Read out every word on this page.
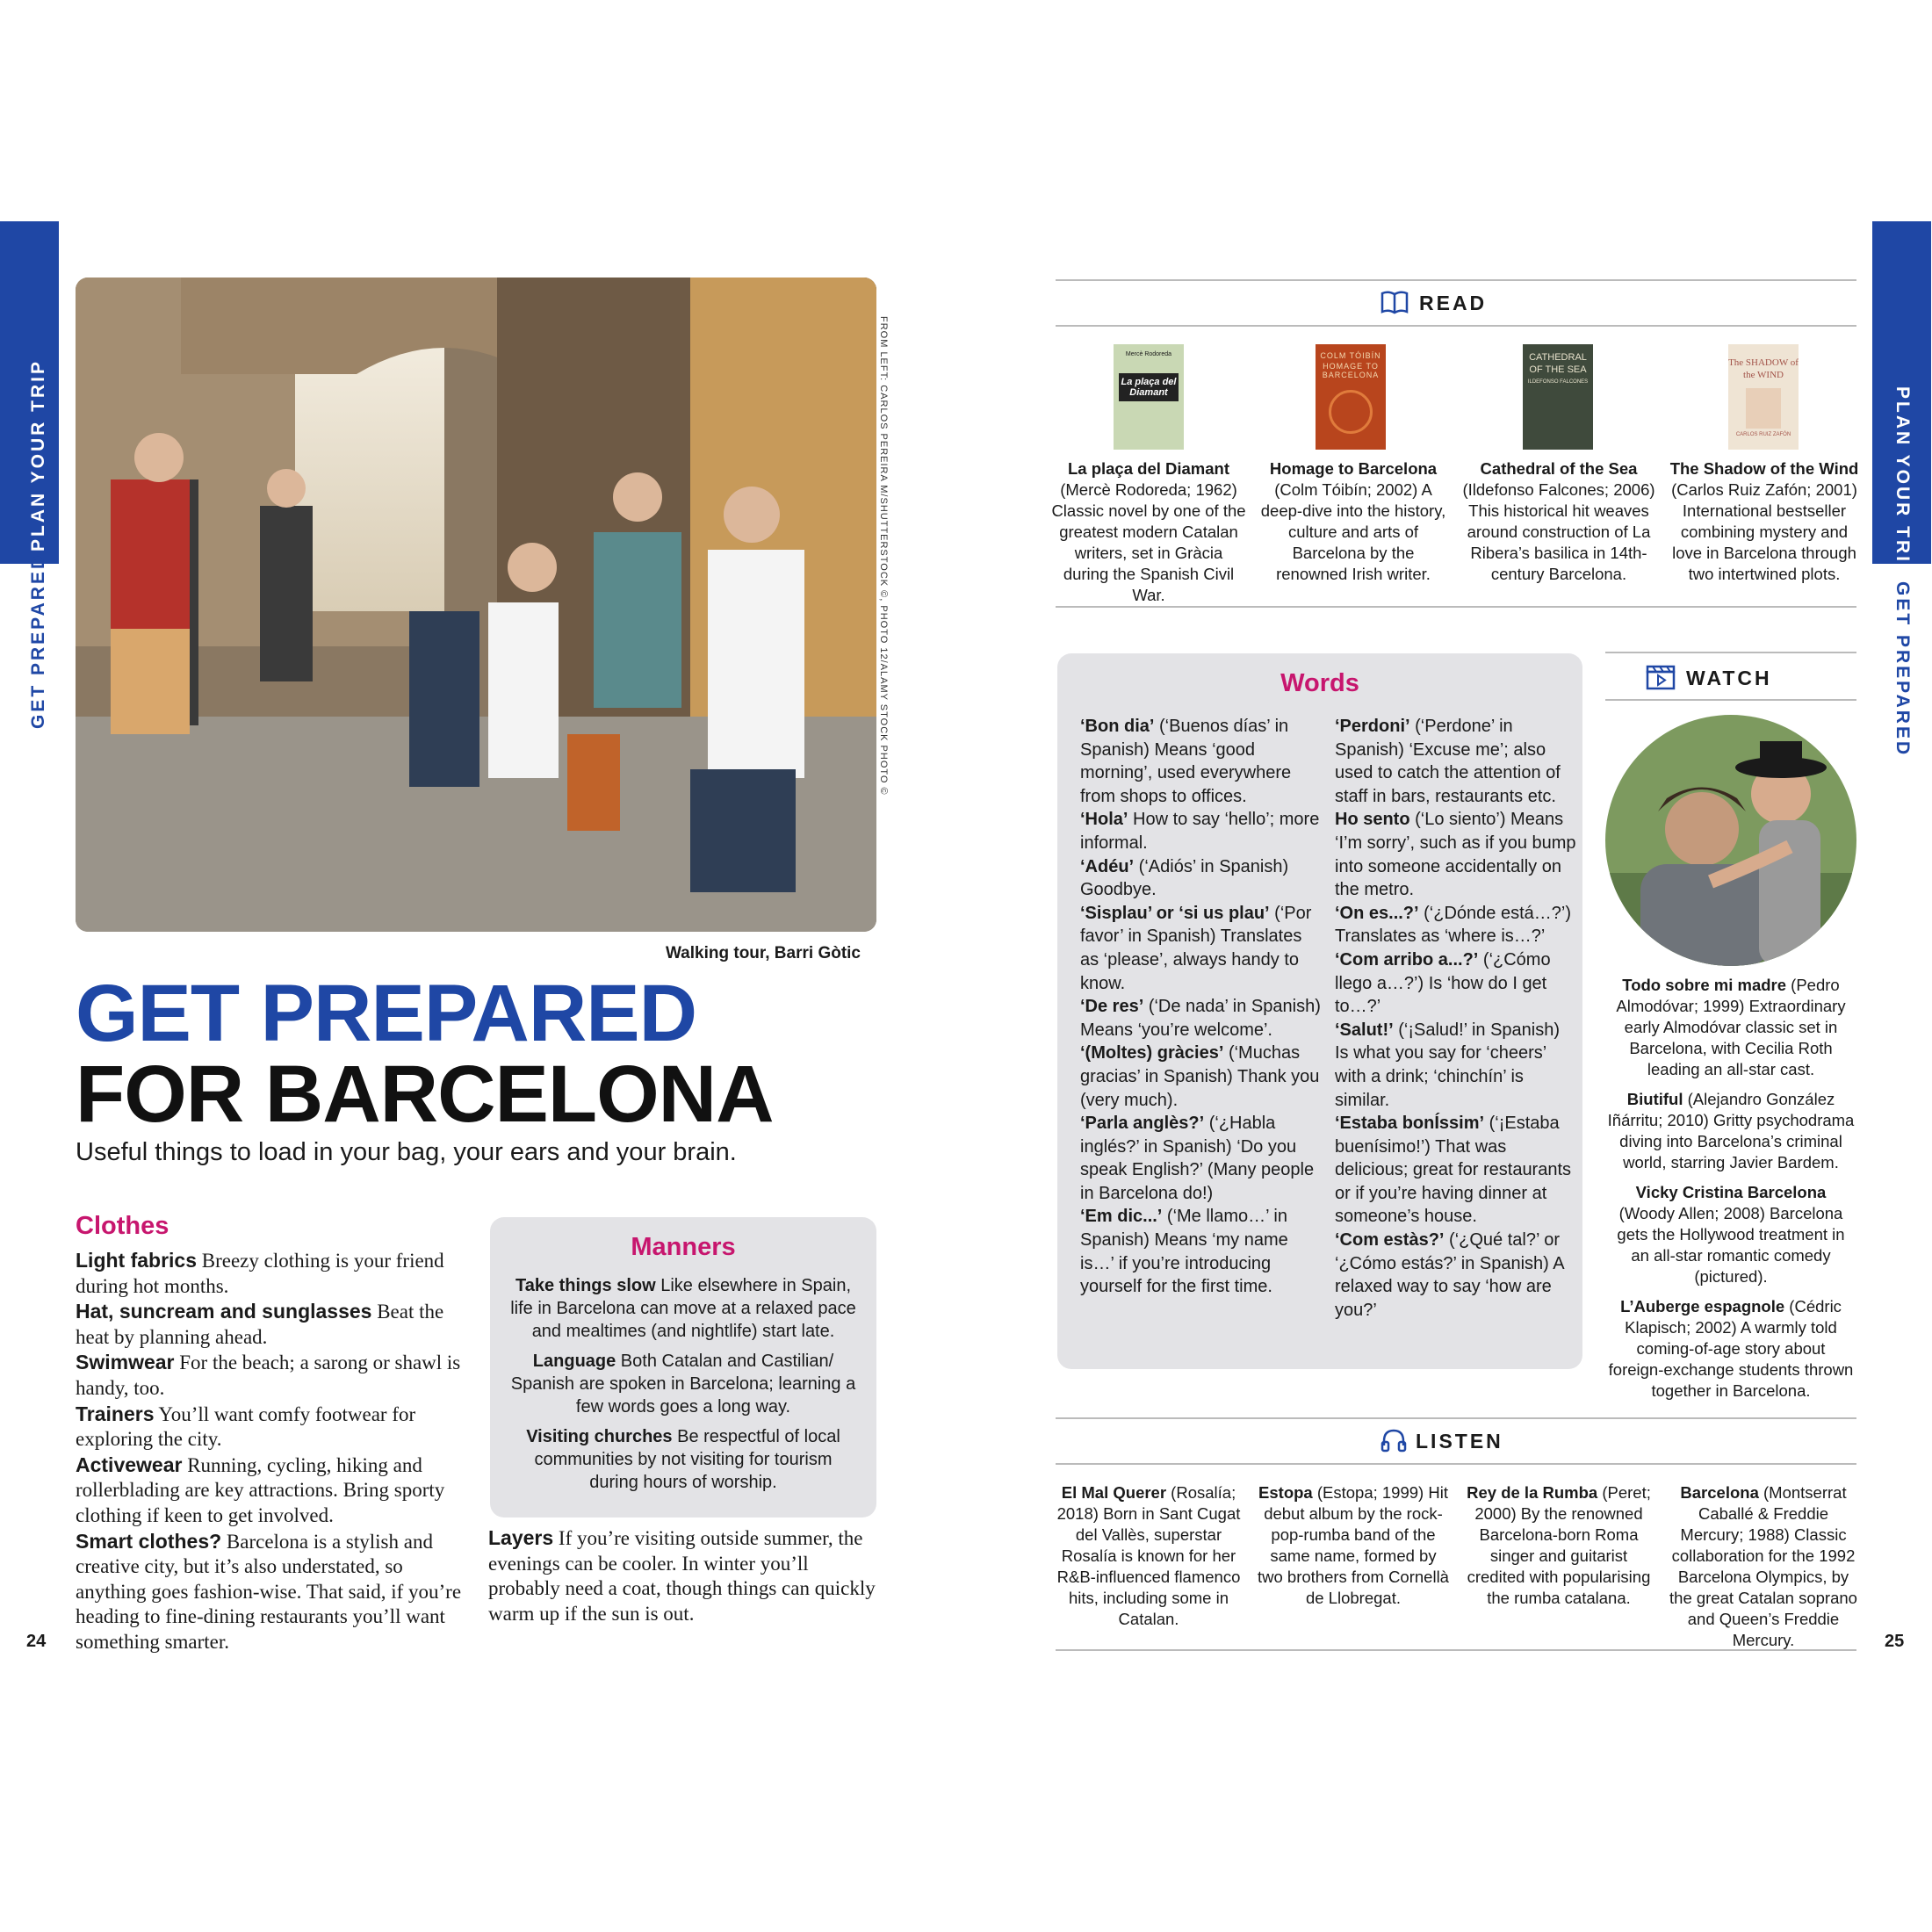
PLAN YOUR TRIP
GET PREPARED
PLAN YOUR TRIP
GET PREPARED
FROM LEFT: CARLOS PEREIRA M/SHUTTERSTOCK ©, PHOTO 12/ALAMY STOCK PHOTO ©
Walking tour, Barri Gòtic
GET PREPARED
FOR BARCELONA
Useful things to load in your bag, your ears and your brain.
Clothes
Light fabrics Breezy clothing is your friend during hot months.
Hat, suncream and sunglasses Beat the heat by planning ahead.
Swimwear For the beach; a sarong or shawl is handy, too.
Trainers You’ll want comfy footwear for exploring the city.
Activewear Running, cycling, hiking and rollerblading are key attractions. Bring sporty clothing if keen to get involved.
Smart clothes? Barcelona is a stylish and creative city, but it’s also understated, so anything goes fashion-wise. That said, if you’re heading to fine-dining restaurants you’ll want something smarter.
Manners
Take things slow Like elsewhere in Spain, life in Barcelona can move at a relaxed pace and mealtimes (and nightlife) start late.
Language Both Catalan and Castilian/ Spanish are spoken in Barcelona; learning a few words goes a long way.
Visiting churches Be respectful of local communities by not visiting for tourism during hours of worship.
Layers If you’re visiting outside summer, the evenings can be cooler. In winter you’ll probably need a coat, though things can quickly warm up if the sun is out.
24	25
READ
Mercè Rodoreda
La plaça del Diamant
COLM TÓIBÍN
HOMAGE TO BARCELONA
CATHEDRAL OF THE SEA
ILDEFONSO FALCONES
The SHADOW of the WIND
CARLOS RUIZ ZAFÓN
La plaça del Diamant
(Mercè Rodoreda; 1962) Classic novel by one of the greatest modern Catalan writers, set in Gràcia during the Spanish Civil War.
Homage to Barcelona
(Colm Tóibín; 2002) A deep-dive into the history, culture and arts of Barcelona by the renowned Irish writer.
Cathedral of the Sea
(Ildefonso Falcones; 2006) This historical hit weaves around construction of La Ribera’s basilica in 14th-century Barcelona.
The Shadow of the Wind
(Carlos Ruiz Zafón; 2001) International bestseller combining mystery and love in Barcelona through two intertwined plots.
Words
‘Bon dia’ (‘Buenos días’ in Spanish) Means ‘good morning’, used everywhere from shops to offices.
‘Hola’ How to say ‘hello’; more informal.
‘Adéu’ (‘Adiós’ in Spanish) Goodbye.
‘Sisplau’ or ‘si us plau’ (‘Por favor’ in Spanish) Translates as ‘please’, always handy to know.
‘De res’ (‘De nada’ in Spanish) Means ‘you’re welcome’.
‘(Moltes) gràcies’ (‘Muchas gracias’ in Spanish) Thank you (very much).
‘Parla anglès?’ (‘¿Habla inglés?’ in Spanish) ‘Do you speak English?’ (Many people in Barcelona do!)
‘Em dic...’ (‘Me llamo…’ in Spanish) Means ‘my name is…’ if you’re introducing yourself for the first time.
‘Perdoni’ (‘Perdone’ in Spanish) ‘Excuse me’; also used to catch the attention of staff in bars, restaurants etc.
Ho sento (‘Lo siento’) Means ‘I’m sorry’, such as if you bump into someone accidentally on the metro.
‘On es...?’ (‘¿Dónde está…?’) Translates as ‘where is…?’
‘Com arribo a...?’ (‘¿Cómo llego a…?’) Is ‘how do I get to…?’
‘Salut!’ (‘¡Salud!’ in Spanish) Is what you say for ‘cheers’ with a drink; ‘chinchín’ is similar.
‘Estaba bonÍssim’ (‘¡Estaba buenísimo!’) That was delicious; great for restaurants or if you’re having dinner at someone’s house.
‘Com estàs?’ (‘¿Qué tal?’ or ‘¿Cómo estás?’ in Spanish) A relaxed way to say ‘how are you?’
WATCH

Todo sobre mi madre (Pedro Almodóvar; 1999) Extraordinary early Almodóvar classic set in Barcelona, with Cecilia Roth leading an all-star cast.

Biutiful (Alejandro González Iñárritu; 2010) Gritty psychodrama diving into Barcelona’s criminal world, starring Javier Bardem.

Vicky Cristina Barcelona (Woody Allen; 2008) Barcelona gets the Hollywood treatment in an all-star romantic comedy (pictured).

L’Auberge espagnole (Cédric Klapisch; 2002) A warmly told coming-of-age story about foreign-exchange students thrown together in Barcelona.

LISTEN
El Mal Querer (Rosalía; 2018) Born in Sant Cugat del Vallès, superstar Rosalía is known for her R&B-influenced flamenco hits, including some in Catalan.
Estopa (Estopa; 1999) Hit debut album by the rock-pop-rumba band of the same name, formed by two brothers from Cornellà de Llobregat.
Rey de la Rumba (Peret; 2000) By the renowned Barcelona-born Roma singer and guitarist credited with popularising the rumba catalana.
Barcelona (Montserrat Caballé & Freddie Mercury; 1988) Classic collaboration for the 1992 Barcelona Olympics, by the great Catalan soprano and Queen’s Freddie Mercury.
